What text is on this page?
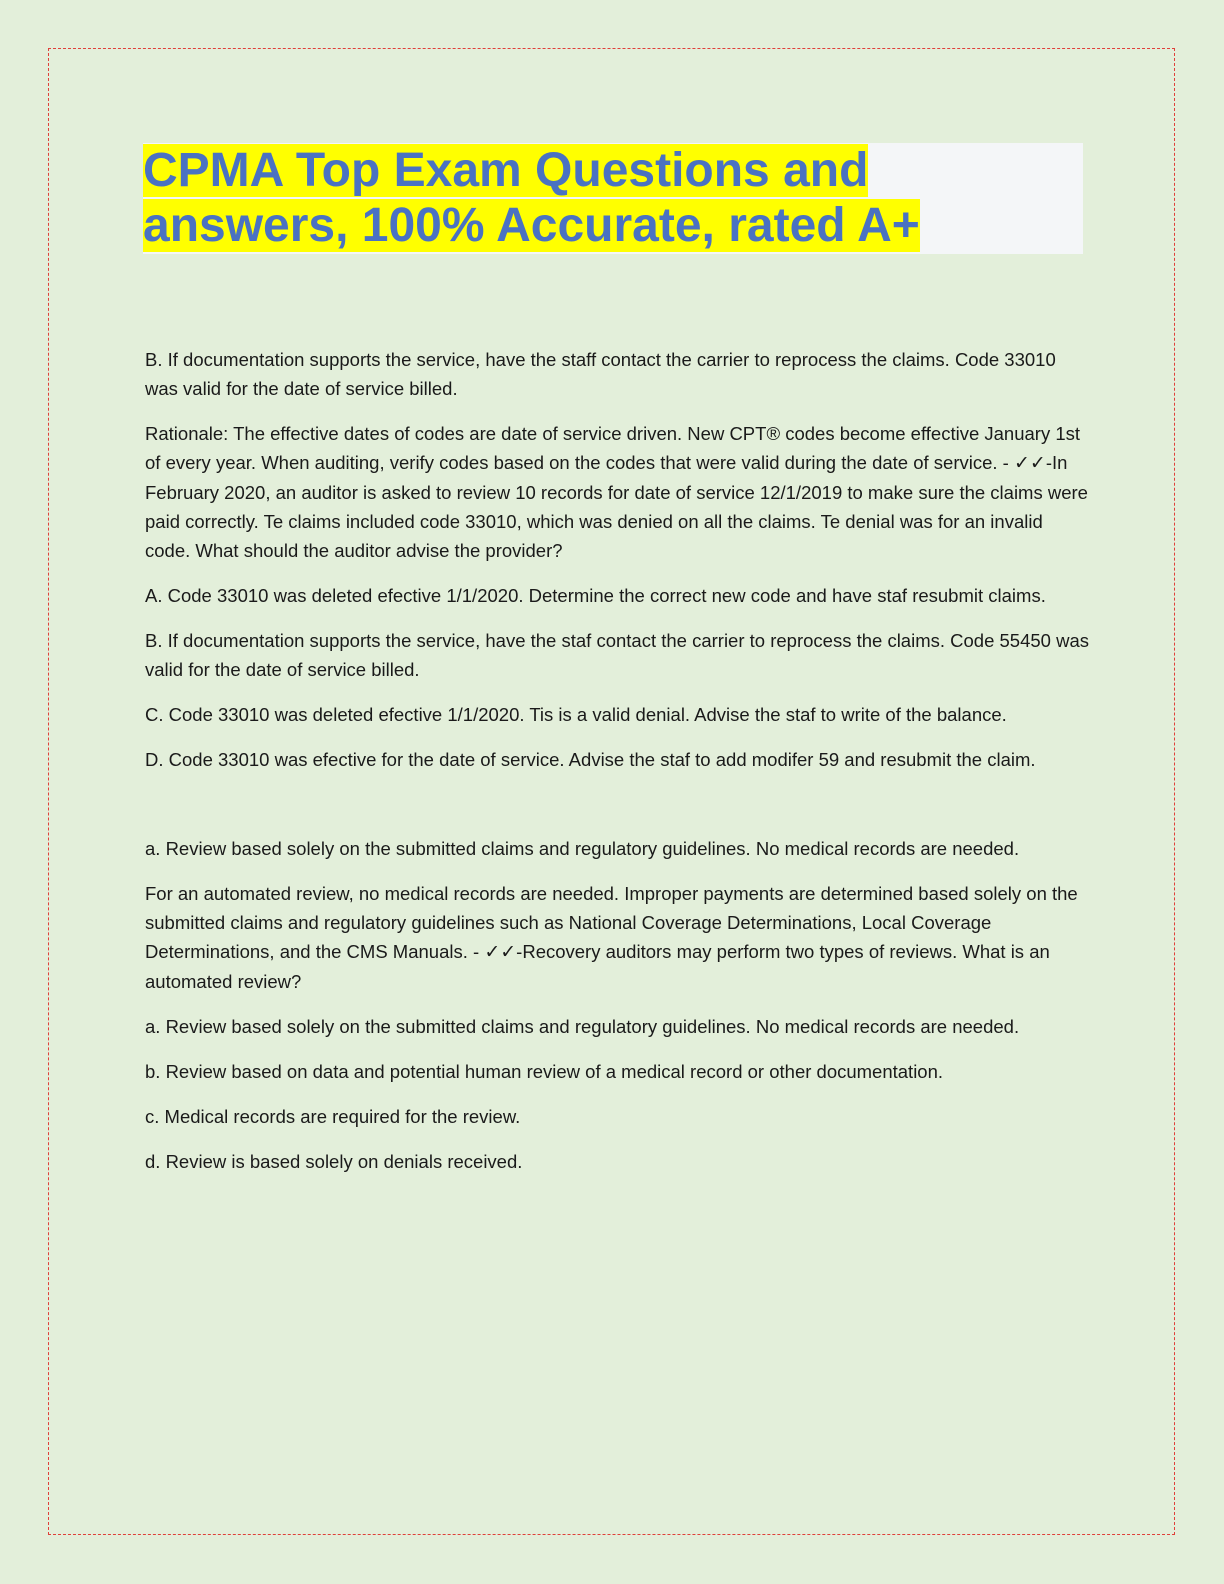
CPMA Top Exam Questions and
answers, 100% Accurate, rated A+

B. If documentation supports the service, have the staff contact the carrier to reprocess the claims. Code 33010 was valid for the date of service billed.

Rationale: The effective dates of codes are date of service driven. New CPT® codes become effective January 1st of every year. When auditing, verify codes based on the codes that were valid during the date of service. - ✓✓-In February 2020, an auditor is asked to review 10 records for date of service 12/1/2019 to make sure the claims were paid correctly. Te claims included code 33010, which was denied on all the claims. Te denial was for an invalid code. What should the auditor advise the provider?

A. Code 33010 was deleted efective 1/1/2020. Determine the correct new code and have staf resubmit claims.

B. If documentation supports the service, have the staf contact the carrier to reprocess the claims. Code 55450 was valid for the date of service billed.

C. Code 33010 was deleted efective 1/1/2020. Tis is a valid denial. Advise the staf to write of the balance.

D. Code 33010 was efective for the date of service. Advise the staf to add modifer 59 and resubmit the claim.

a. Review based solely on the submitted claims and regulatory guidelines. No medical records are needed.

For an automated review, no medical records are needed. Improper payments are determined based solely on the submitted claims and regulatory guidelines such as National Coverage Determinations, Local Coverage Determinations, and the CMS Manuals. - ✓✓-Recovery auditors may perform two types of reviews. What is an automated review?

a. Review based solely on the submitted claims and regulatory guidelines. No medical records are needed.

b. Review based on data and potential human review of a medical record or other documentation.

c. Medical records are required for the review.

d. Review is based solely on denials received.
